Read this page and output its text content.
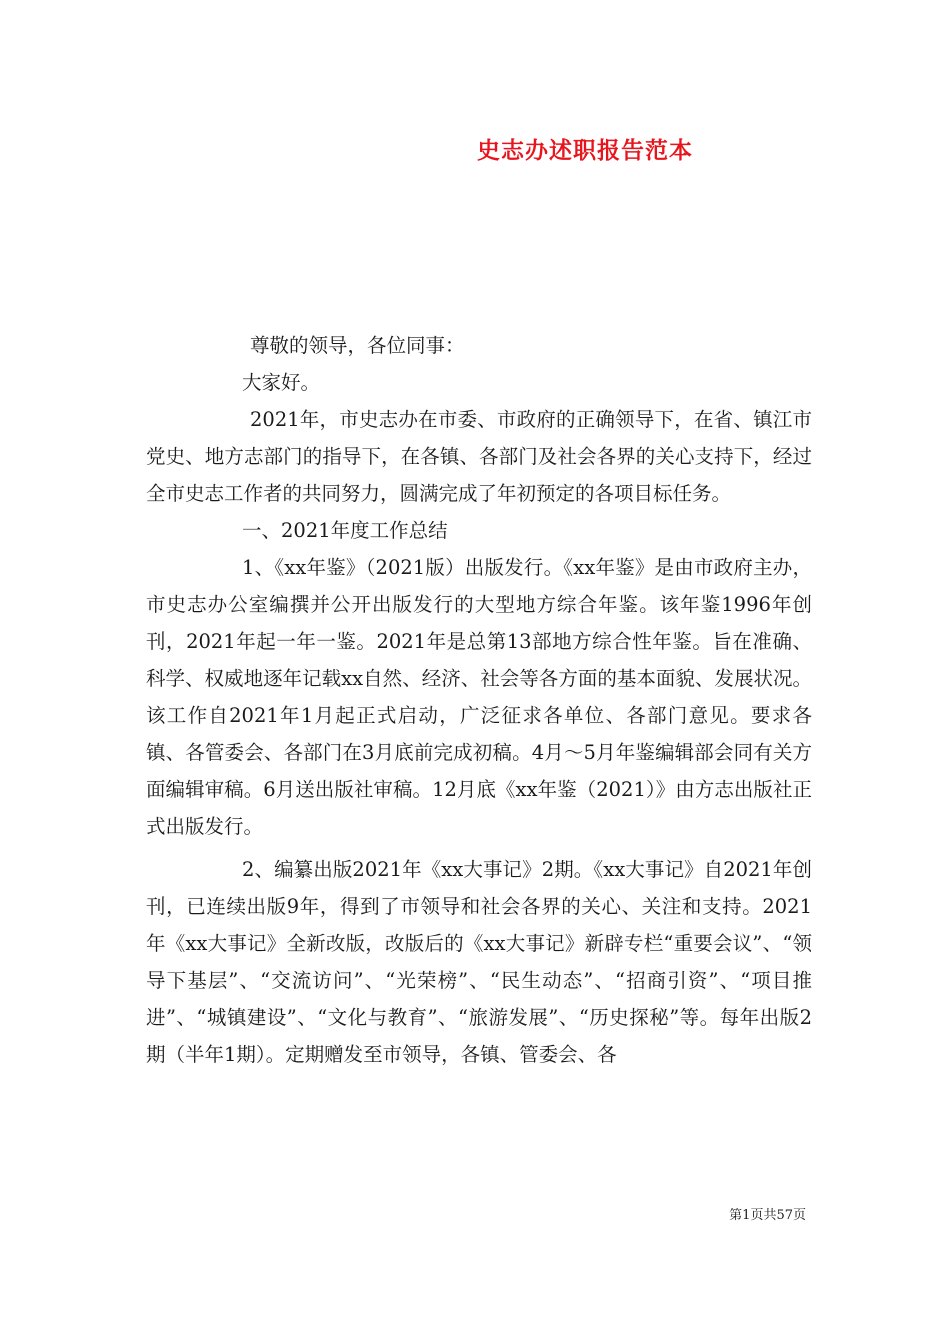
史志办述职报告范本

尊敬的领导，各位同事：

大家好。

2021年，市史志办在市委、市政府的正确领导下，在省、镇江市党史、地方志部门的指导下，在各镇、各部门及社会各界的关心支持下，经过全市史志工作者的共同努力，圆满完成了年初预定的各项目标任务。

一、2021年度工作总结

1、《xx年鉴》（2021版）出版发行。《xx年鉴》是由市政府主办，市史志办公室编撰并公开出版发行的大型地方综合年鉴。该年鉴1996年创刊，2021年起一年一鉴。2021年是总第13部地方综合性年鉴。旨在准确、科学、权威地逐年记载xx自然、经济、社会等各方面的基本面貌、发展状况。该工作自2021年1月起正式启动，广泛征求各单位、各部门意见。要求各镇、各管委会、各部门在3月底前完成初稿。4月～5月年鉴编辑部会同有关方面编辑审稿。6月送出版社审稿。12月底《xx年鉴（2021）》由方志出版社正式出版发行。

2、编纂出版2021年《xx大事记》2期。《xx大事记》自2021年创刊，已连续出版9年，得到了市领导和社会各界的关心、关注和支持。2021年《xx大事记》全新改版，改版后的《xx大事记》新辟专栏“重要会议”、“领导下基层”、“交流访问”、“光荣榜”、“民生动态”、“招商引资”、“项目推进”、“城镇建设”、“文化与教育”、“旅游发展”、“历史探秘”等。每年出版2期（半年1期）。定期赠发至市领导，各镇、管委会、各

第1页共57页
